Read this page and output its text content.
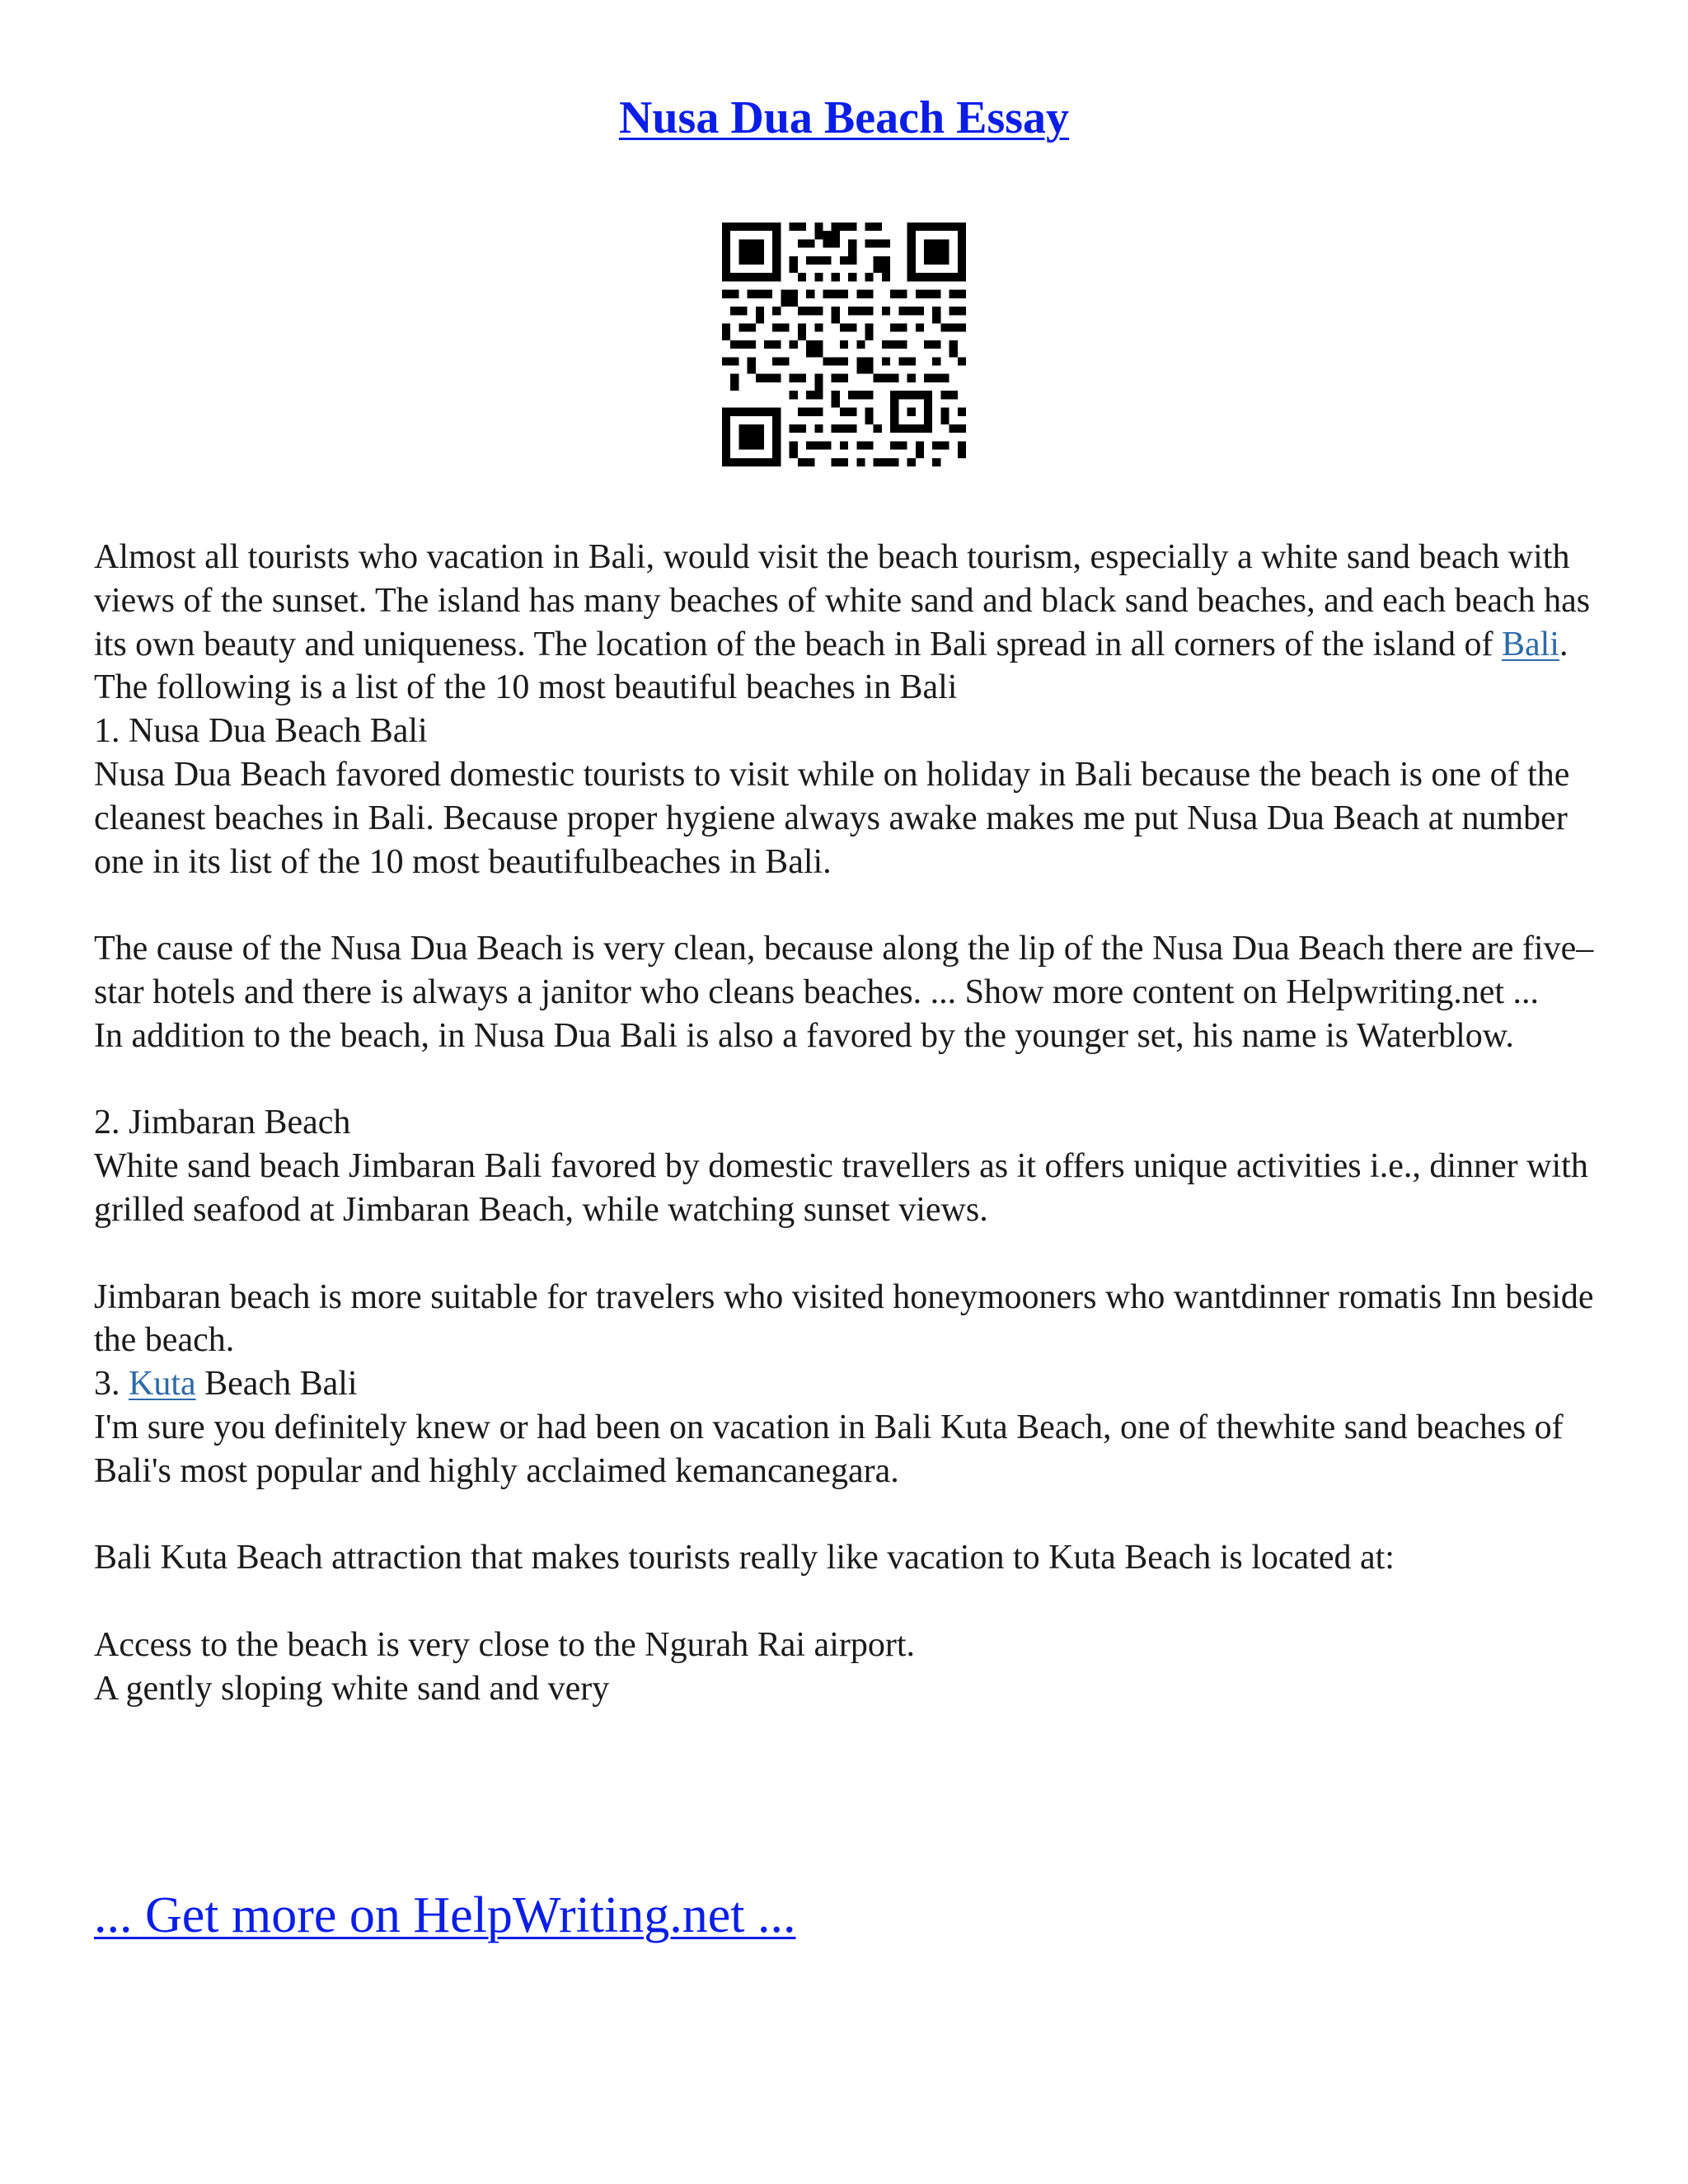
Nusa Dua Beach Essay

Almost all tourists who vacation in Bali, would visit the beach tourism, especially a white sand beach with views of the sunset. The island has many beaches of white sand and black sand beaches, and each beach has its own beauty and uniqueness. The location of the beach in Bali spread in all corners of the island of Bali.

The following is a list of the 10 most beautiful beaches in Bali

1. Nusa Dua Beach Bali

Nusa Dua Beach favored domestic tourists to visit while on holiday in Bali because the beach is one of the cleanest beaches in Bali. Because proper hygiene always awake makes me put Nusa Dua Beach at number one in its list of the 10 most beautifulbeaches in Bali.

The cause of the Nusa Dua Beach is very clean, because along the lip of the Nusa Dua Beach there are five–star hotels and there is always a janitor who cleans beaches. ... Show more content on Helpwriting.net ...

In addition to the beach, in Nusa Dua Bali is also a favored by the younger set, his name is Waterblow.

2. Jimbaran Beach

White sand beach Jimbaran Bali favored by domestic travellers as it offers unique activities i.e., dinner with grilled seafood at Jimbaran Beach, while watching sunset views.

Jimbaran beach is more suitable for travelers who visited honeymooners who wantdinner romatis Inn beside the beach.

3. Kuta Beach Bali

I'm sure you definitely knew or had been on vacation in Bali Kuta Beach, one of thewhite sand beaches of Bali's most popular and highly acclaimed kemancanegara.

Bali Kuta Beach attraction that makes tourists really like vacation to Kuta Beach is located at:

Access to the beach is very close to the Ngurah Rai airport.

A gently sloping white sand and very

... Get more on HelpWriting.net ...
